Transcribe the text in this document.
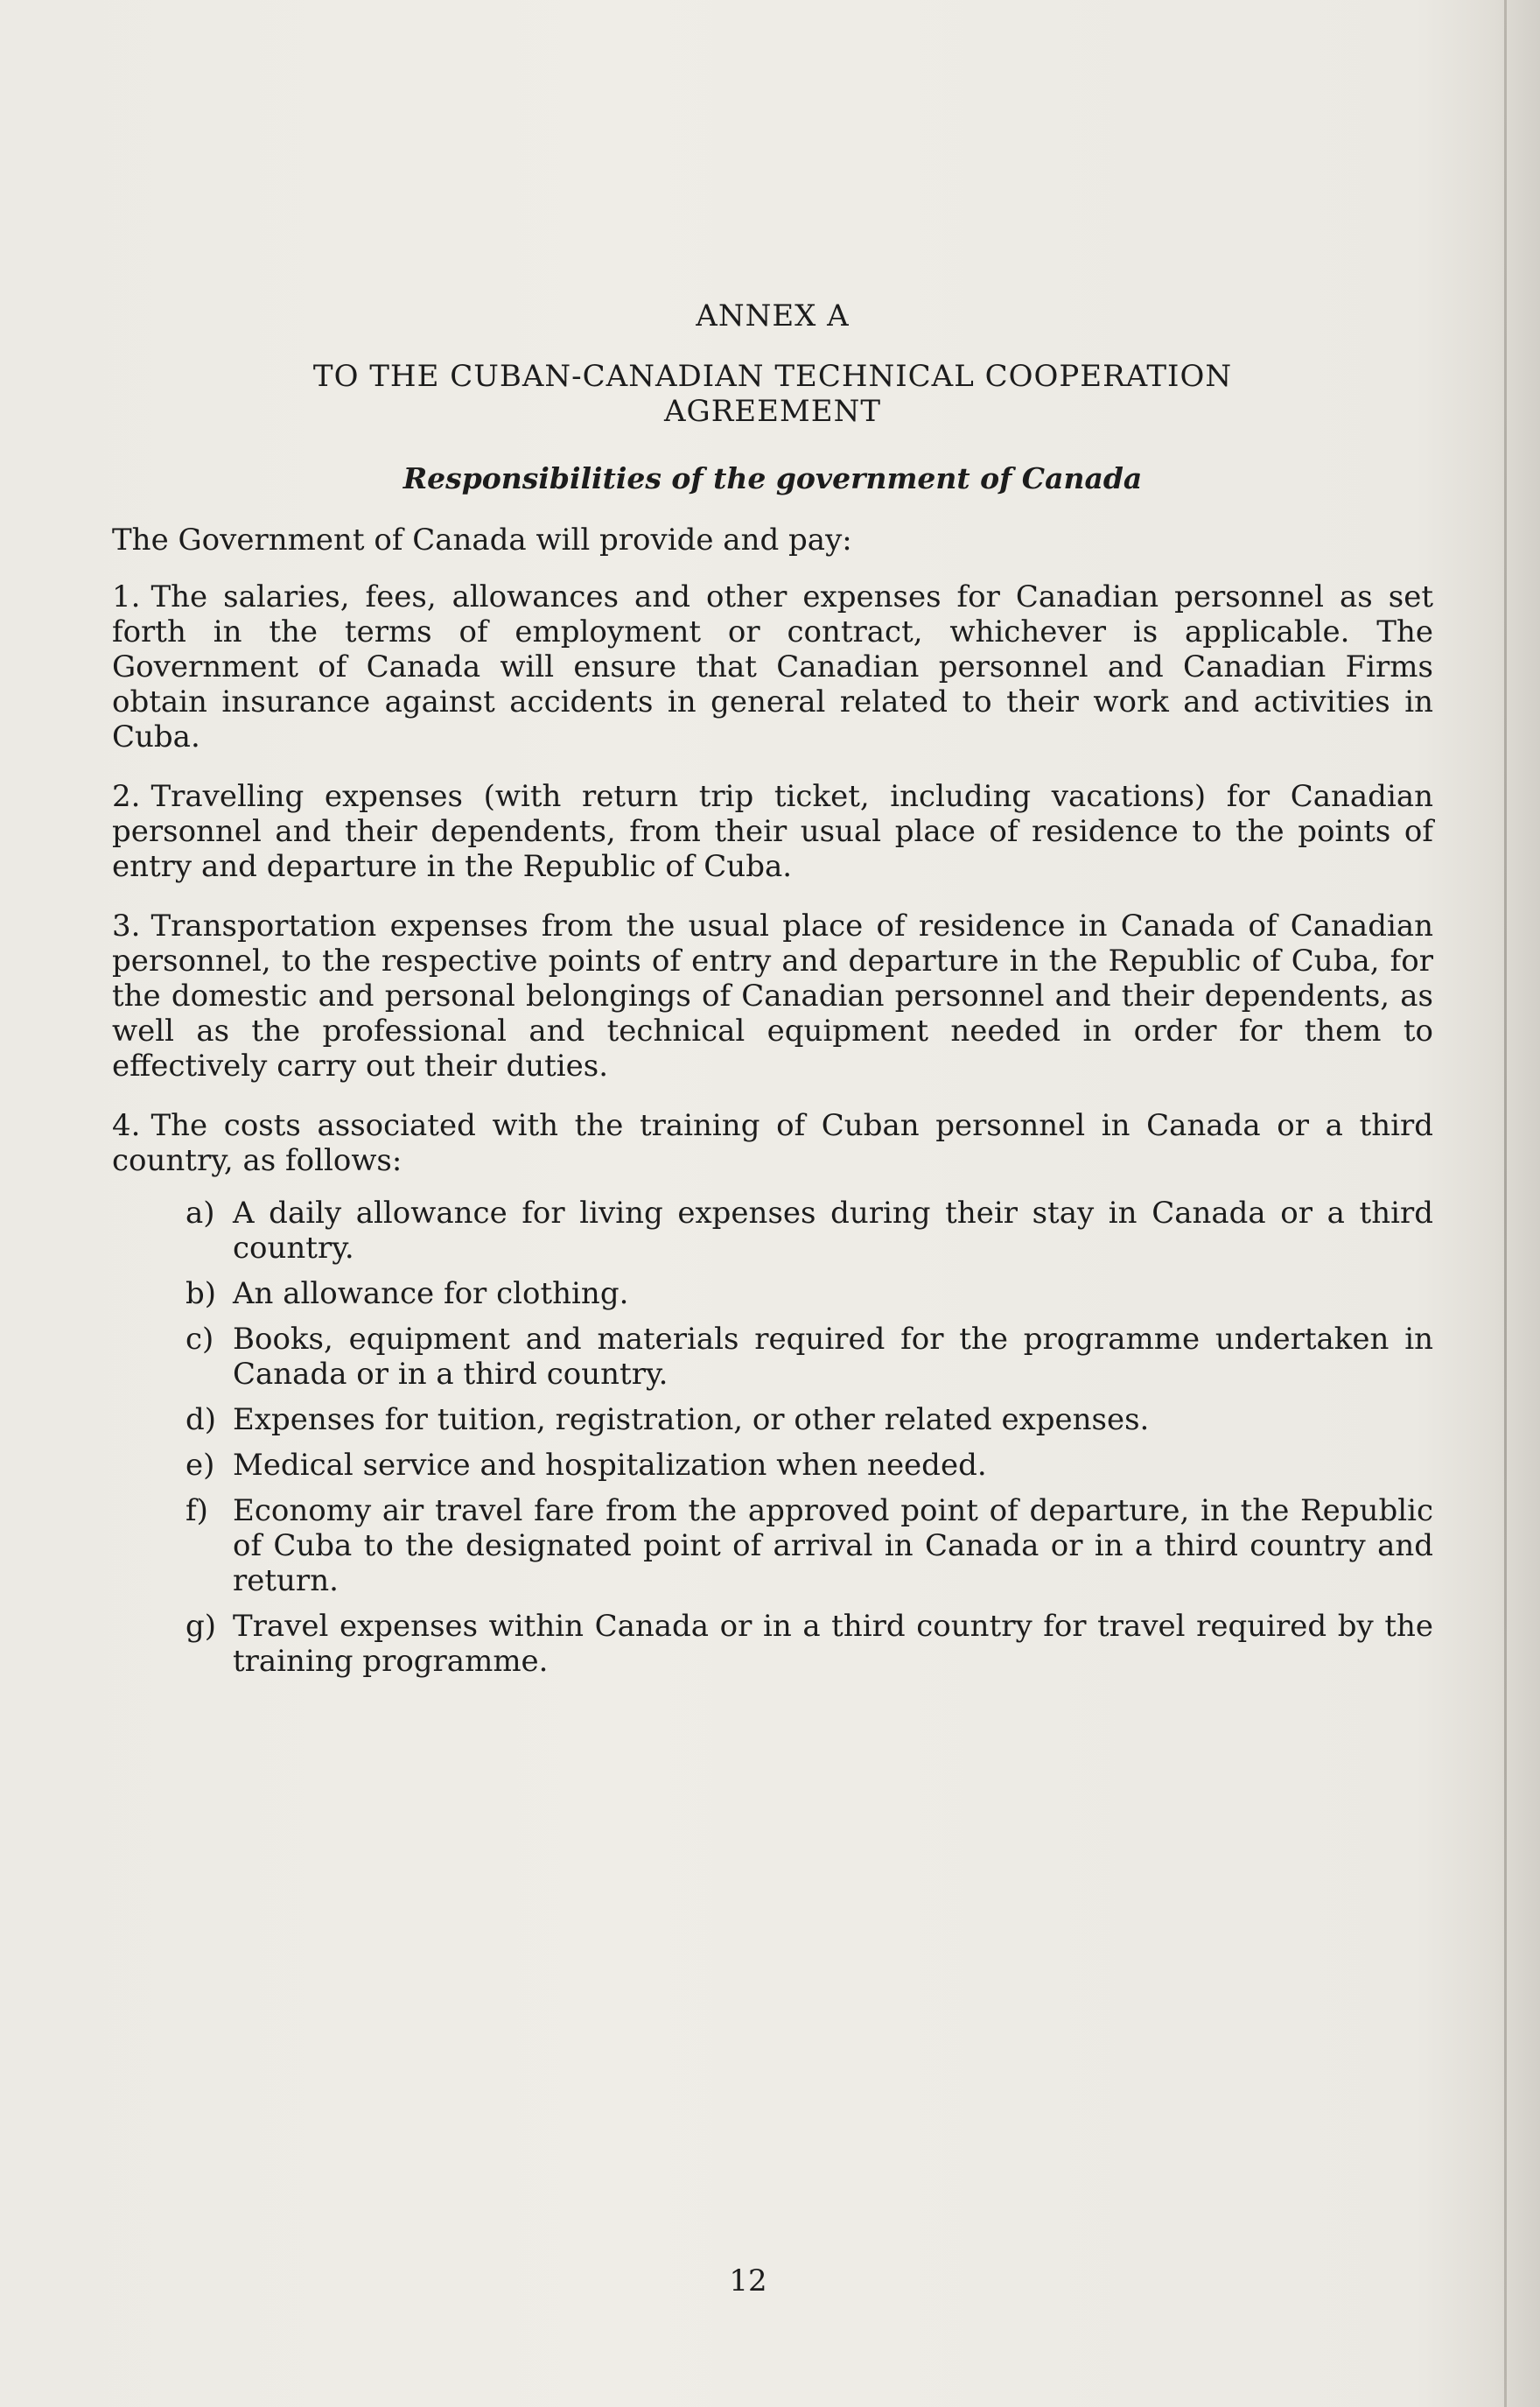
ANNEX A
TO THE CUBAN-CANADIAN TECHNICAL COOPERATION AGREEMENT
Responsibilities of the government of Canada

The Government of Canada will provide and pay:

1. The salaries, fees, allowances and other expenses for Canadian personnel as set forth in the terms of employment or contract, whichever is applicable. The Government of Canada will ensure that Canadian personnel and Canadian Firms obtain insurance against accidents in general related to their work and activities in Cuba.

2. Travelling expenses (with return trip ticket, including vacations) for Canadian personnel and their dependents, from their usual place of residence to the points of entry and departure in the Republic of Cuba.

3. Transportation expenses from the usual place of residence in Canada of Canadian personnel, to the respective points of entry and departure in the Republic of Cuba, for the domestic and personal belongings of Canadian personnel and their dependents, as well as the professional and technical equipment needed in order for them to effectively carry out their duties.

4. The costs associated with the training of Cuban personnel in Canada or a third country, as follows:

a) A daily allowance for living expenses during their stay in Canada or a third country.
b) An allowance for clothing.
c) Books, equipment and materials required for the programme undertaken in Canada or in a third country.
d) Expenses for tuition, registration, or other related expenses.
e) Medical service and hospitalization when needed.
f) Economy air travel fare from the approved point of departure, in the Republic of Cuba to the designated point of arrival in Canada or in a third country and return.
g) Travel expenses within Canada or in a third country for travel required by the training programme.
12
